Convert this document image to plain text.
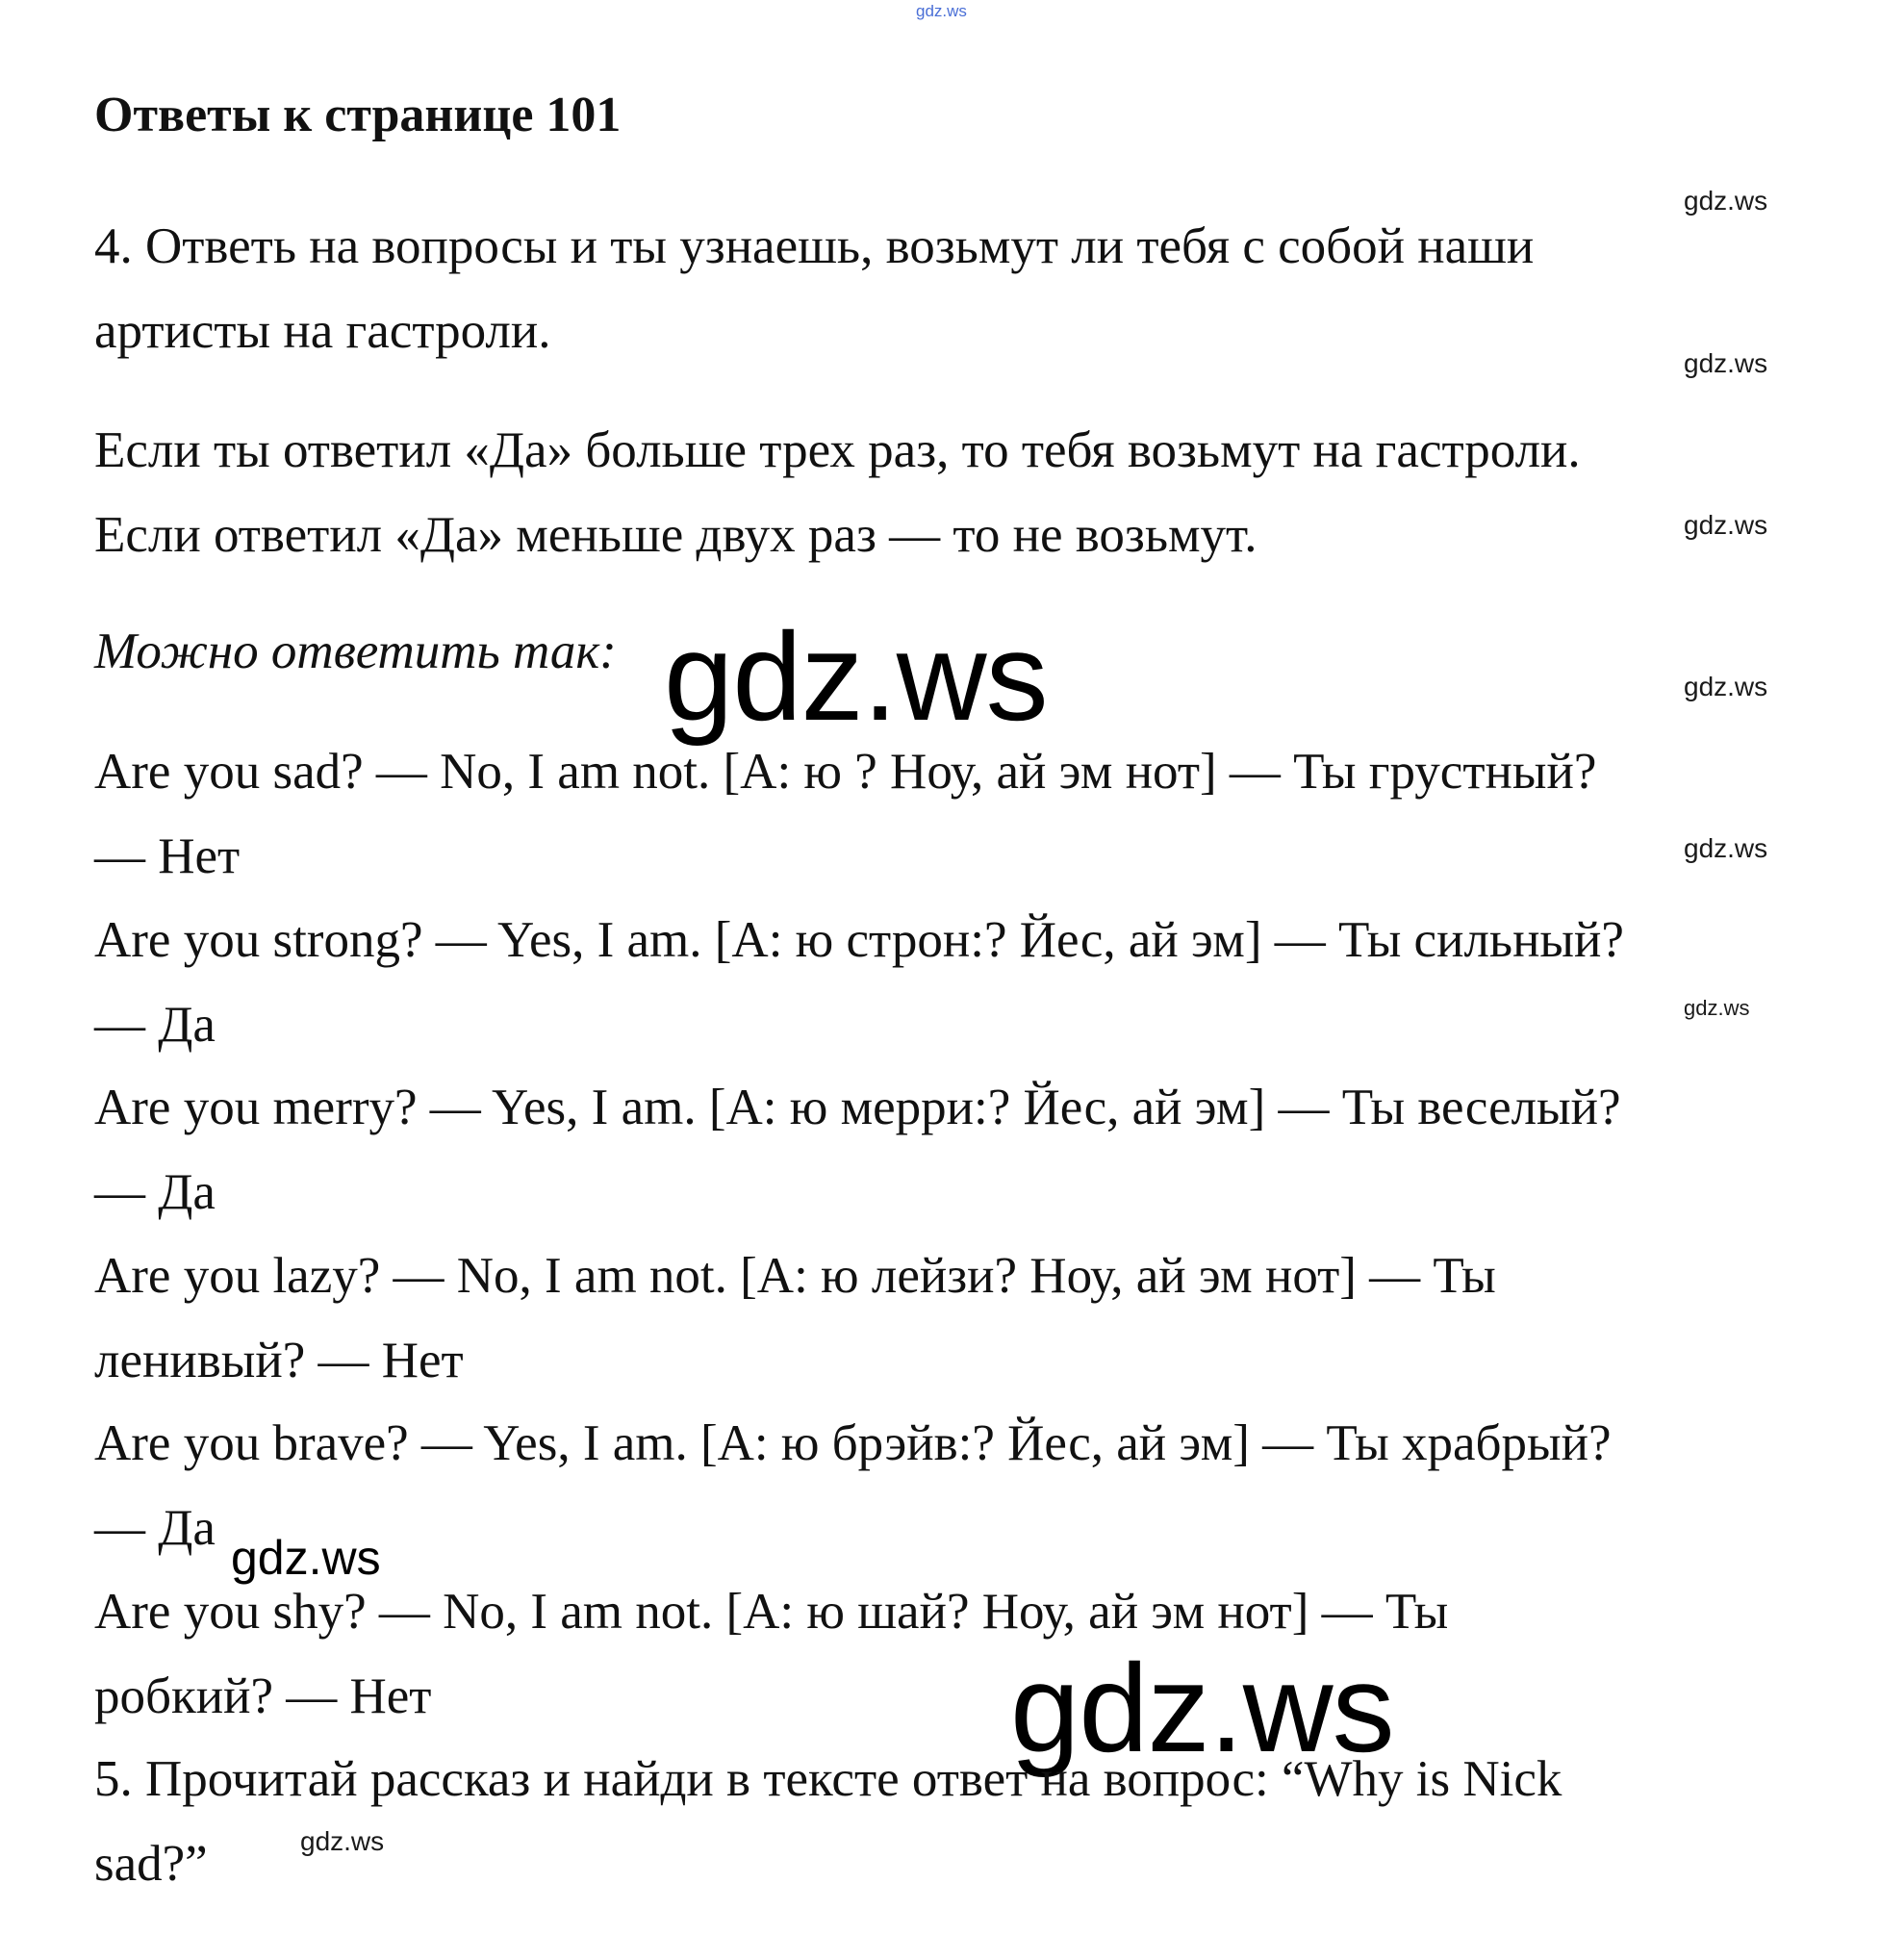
gdz.ws
Ответы к странице 101
gdz.ws
4. Ответь на вопросы и ты узнаешь, возьмут ли тебя с собой наши
артисты на гастроли.
gdz.ws
Если ты ответил «Да» больше трех раз, то тебя возьмут на гастроли.
Если ответил «Да» меньше двух раз — то не возьмут.	gdz.ws
Можно ответить так: gdz.ws	gdz.ws
Are you sad? — No, I am not. [А: ю ? Ноу, ай эм нот] — Ты грустный?
— Нет	gdz.ws
Are you strong? — Yes, I am. [А: ю строн:? Йес, ай эм] — Ты сильный?
— Да	gdz.ws
Are you merry? — Yes, I am. [А: ю мерри:? Йес, ай эм] — Ты веселый?
— Да
Are you lazy? — No, I am not. [А: ю лейзи? Ноу, ай эм нот] — Ты
ленивый? — Нет
Are you brave? — Yes, I am. [А: ю брэйв:? Йес, ай эм] — Ты храбрый?
— Да
gdz.ws
Are you shy? — No, I am not. [А: ю шай? Ноу, ай эм нот] — Ты
робкий? — Нет	gdz.ws
5. Прочитай рассказ и найди в тексте ответ на вопрос: “Why is Nick
sad?”	gdz.ws
